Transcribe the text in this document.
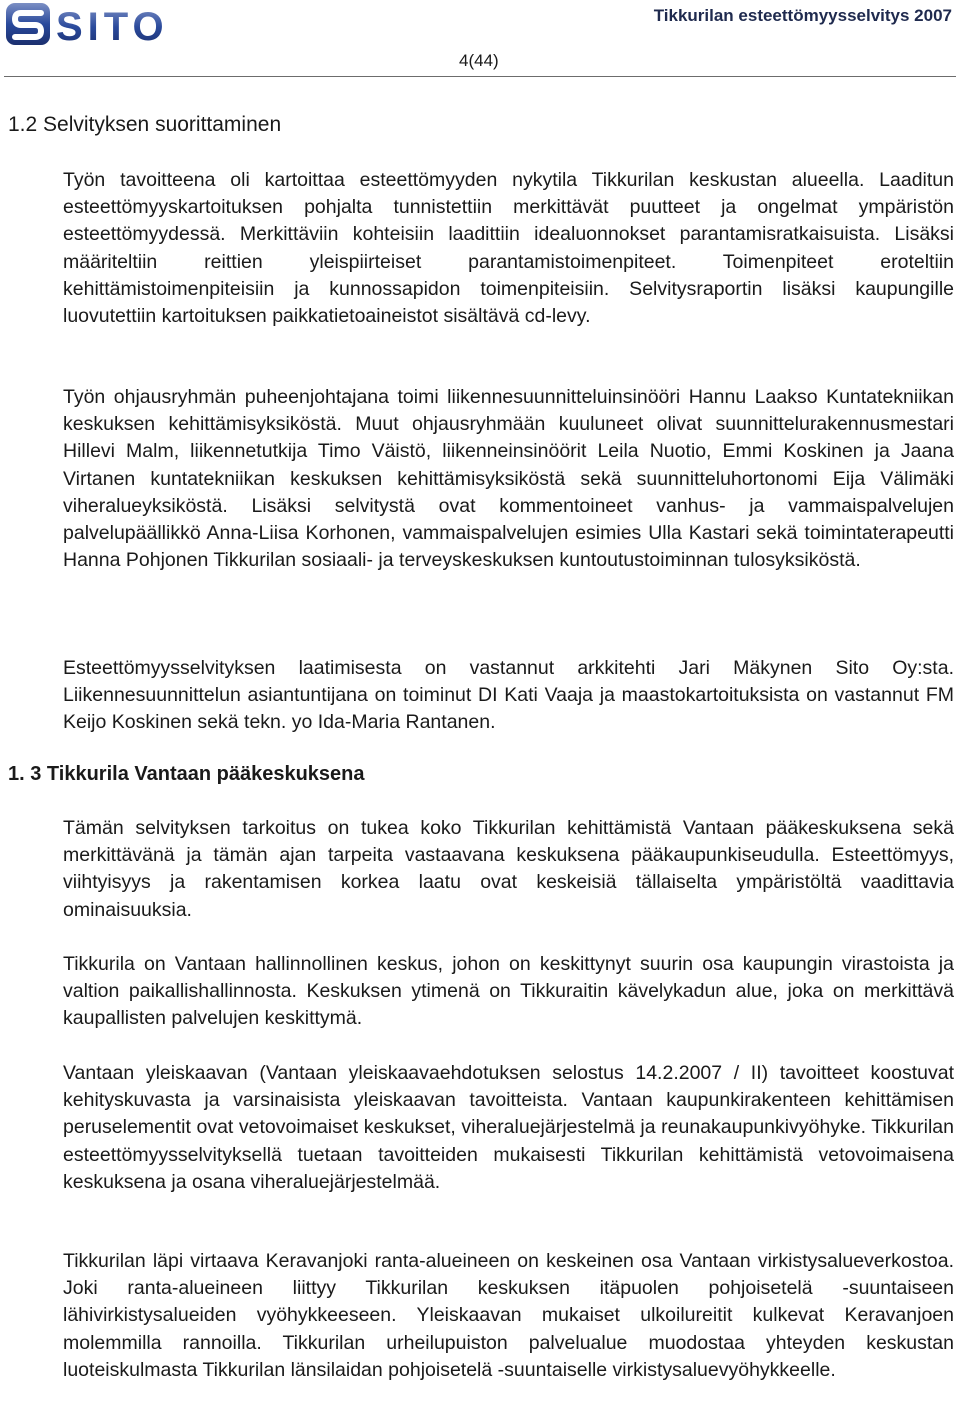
SITO	Tikkurilan esteettömyysselvitys 2007
4(44)
1.2 Selvityksen suorittaminen

Työn tavoitteena oli kartoittaa esteettömyyden nykytila Tikkurilan keskustan alueella. Laaditun esteettömyyskartoituksen pohjalta tunnistettiin merkittävät puutteet ja ongelmat ympäristön esteettömyydessä. Merkittäviin kohteisiin laadittiin idealuonnokset parantamisratkaisuista. Lisäksi määriteltiin reittien yleispiirteiset parantamistoimenpiteet. Toimenpiteet eroteltiin kehittämistoimenpiteisiin ja kunnossapidon toimenpiteisiin. Selvitysraportin lisäksi kaupungille luovutettiin kartoituksen paikkatietoaineistot sisältävä cd-levy.

Työn ohjausryhmän puheenjohtajana toimi liikennesuunnitteluinsinööri Hannu Laakso Kuntatekniikan keskuksen kehittämisyksiköstä. Muut ohjausryhmään kuuluneet olivat suunnittelurakennusmestari Hillevi Malm, liikennetutkija Timo Väistö, liikenneinsinöörit Leila Nuotio, Emmi Koskinen ja Jaana Virtanen kuntatekniikan keskuksen kehittämisyksiköstä sekä suunnitteluhortonomi Eija Välimäki viheralueyksiköstä. Lisäksi selvitystä ovat kommentoineet vanhus- ja vammaispalvelujen palvelupäällikkö Anna-Liisa Korhonen, vammaispalvelujen esimies Ulla Kastari sekä toimintaterapeutti Hanna Pohjonen Tikkurilan sosiaali- ja terveyskeskuksen kuntoutustoiminnan tulosyksiköstä.

Esteettömyysselvityksen laatimisesta on vastannut arkkitehti Jari Mäkynen Sito Oy:sta. Liikennesuunnittelun asiantuntijana on toiminut DI Kati Vaaja ja maastokartoituksista on vastannut FM Keijo Koskinen sekä tekn. yo Ida-Maria Rantanen.

1. 3 Tikkurila Vantaan pääkeskuksena

Tämän selvityksen tarkoitus on tukea koko Tikkurilan kehittämistä Vantaan pääkeskuksena sekä merkittävänä ja tämän ajan tarpeita vastaavana keskuksena pääkaupunkiseudulla. Esteettömyys, viihtyisyys ja rakentamisen korkea laatu ovat keskeisiä tällaiselta ympäristöltä vaadittavia ominaisuuksia.

Tikkurila on Vantaan hallinnollinen keskus, johon on keskittynyt suurin osa kaupungin virastoista ja valtion paikallishallinnosta. Keskuksen ytimenä on Tikkuraitin kävelykadun alue, joka on merkittävä kaupallisten palvelujen keskittymä.

Vantaan yleiskaavan (Vantaan yleiskaavaehdotuksen selostus 14.2.2007 / II) tavoitteet koostuvat kehityskuvasta ja varsinaisista yleiskaavan tavoitteista. Vantaan kaupunkirakenteen kehittämisen peruselementit ovat vetovoimaiset keskukset, viheraluejärjestelmä ja reunakaupunkivyöhyke. Tikkurilan esteettömyysselvityksellä tuetaan tavoitteiden mukaisesti Tikkurilan kehittämistä vetovoimaisena keskuksena ja osana viheraluejärjestelmää.

Tikkurilan läpi virtaava Keravanjoki ranta-alueineen on keskeinen osa Vantaan virkistysalueverkostoa. Joki ranta-alueineen liittyy Tikkurilan keskuksen itäpuolen pohjoisetelä -suuntaiseen lähivirkistysalueiden vyöhykkeeseen. Yleiskaavan mukaiset ulkoilureitit kulkevat Keravanjoen molemmilla rannoilla. Tikkurilan urheilupuiston palvelualue muodostaa yhteyden keskustan luoteiskulmasta Tikkurilan länsilaidan pohjoisetelä -suuntaiselle virkistysaluevyöhykkeelle.
